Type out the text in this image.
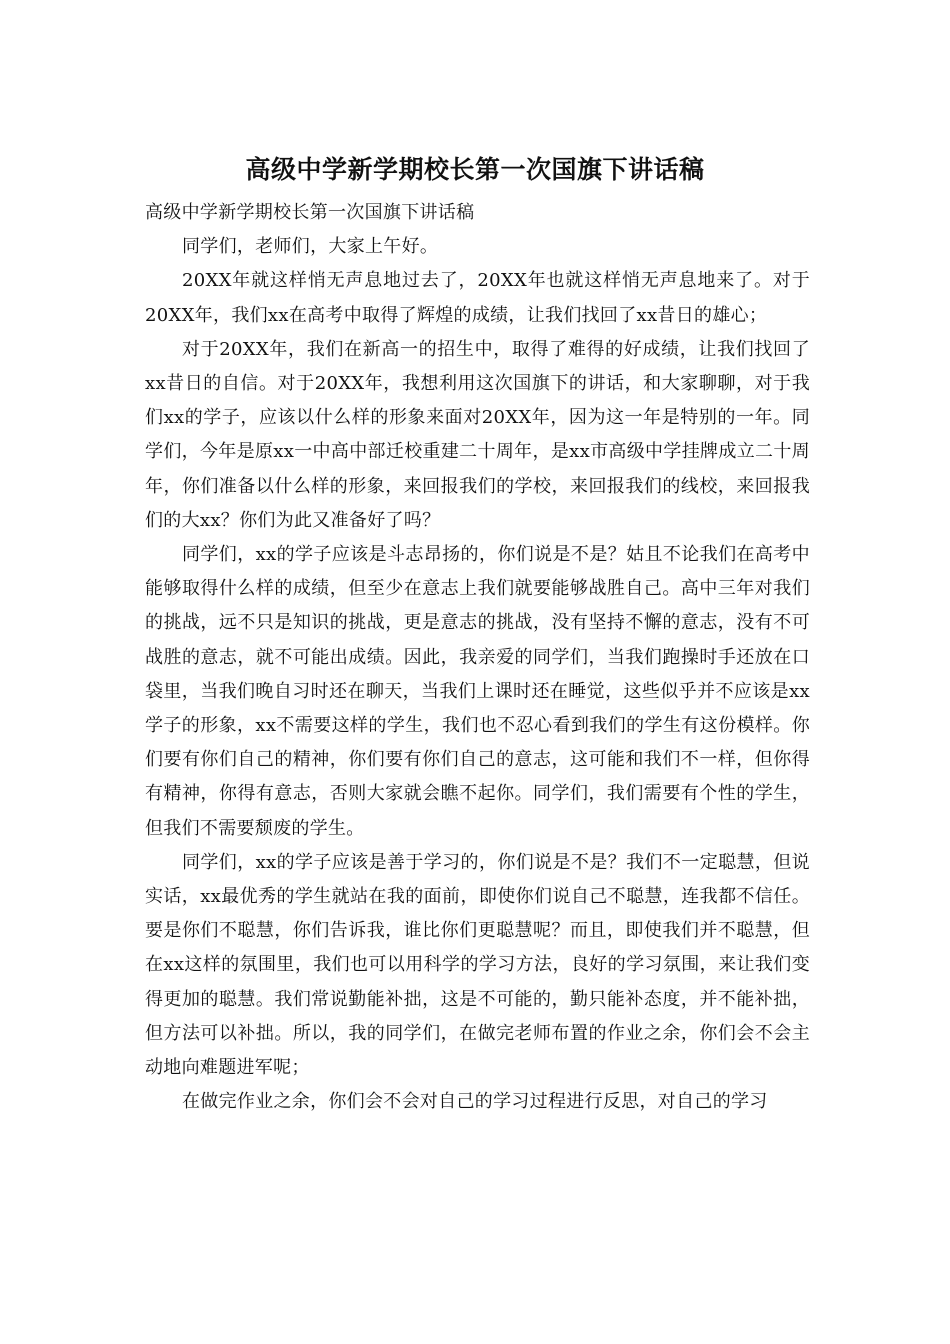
高级中学新学期校长第一次国旗下讲话稿

高级中学新学期校长第一次国旗下讲话稿

同学们，老师们，大家上午好。

20XX年就这样悄无声息地过去了，20XX年也就这样悄无声息地来了。对于20XX年，我们xx在高考中取得了辉煌的成绩，让我们找回了xx昔日的雄心；

对于20XX年，我们在新高一的招生中，取得了难得的好成绩，让我们找回了xx昔日的自信。对于20XX年，我想利用这次国旗下的讲话，和大家聊聊，对于我们xx的学子，应该以什么样的形象来面对20XX年，因为这一年是特别的一年。同学们，今年是原xx一中高中部迁校重建二十周年，是xx市高级中学挂牌成立二十周年，你们准备以什么样的形象，来回报我们的学校，来回报我们的线校，来回报我们的大xx？你们为此又准备好了吗？

同学们，xx的学子应该是斗志昂扬的，你们说是不是？姑且不论我们在高考中能够取得什么样的成绩，但至少在意志上我们就要能够战胜自己。高中三年对我们的挑战，远不只是知识的挑战，更是意志的挑战，没有坚持不懈的意志，没有不可战胜的意志，就不可能出成绩。因此，我亲爱的同学们，当我们跑操时手还放在口袋里，当我们晚自习时还在聊天，当我们上课时还在睡觉，这些似乎并不应该是xx学子的形象，xx不需要这样的学生，我们也不忍心看到我们的学生有这份模样。你们要有你们自己的精神，你们要有你们自己的意志，这可能和我们不一样，但你得有精神，你得有意志，否则大家就会瞧不起你。同学们，我们需要有个性的学生，但我们不需要颓废的学生。

同学们，xx的学子应该是善于学习的，你们说是不是？我们不一定聪慧，但说实话，xx最优秀的学生就站在我的面前，即使你们说自己不聪慧，连我都不信任。要是你们不聪慧，你们告诉我，谁比你们更聪慧呢？而且，即使我们并不聪慧，但在xx这样的氛围里，我们也可以用科学的学习方法，良好的学习氛围，来让我们变得更加的聪慧。我们常说勤能补拙，这是不可能的，勤只能补态度，并不能补拙，但方法可以补拙。所以，我的同学们，在做完老师布置的作业之余，你们会不会主动地向难题进军呢；

在做完作业之余，你们会不会对自己的学习过程进行反思，对自己的学习
